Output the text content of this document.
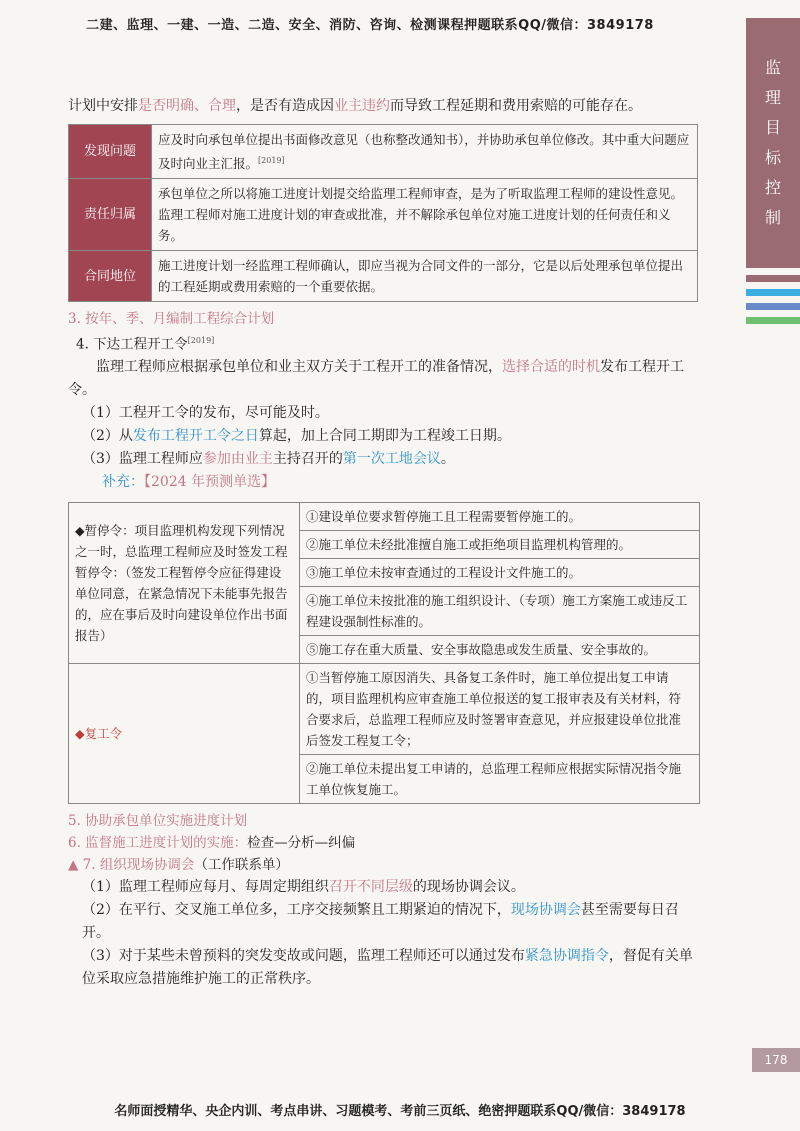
二建、监理、一建、一造、二造、安全、消防、咨询、检测课程押题联系QQ/微信：3849178
监
理
目
标
控
制

计划中安排是否明确、合理，是否有造成因业主违约而导致工程延期和费用索赔的可能存在。

发现问题	应及时向承包单位提出书面修改意见（也称整改通知书），并协助承包单位修改。其中重大问题应及时向业主汇报。[2019]
责任归属	承包单位之所以将施工进度计划提交给监理工程师审查，是为了听取监理工程师的建设性意见。监理工程师对施工进度计划的审查或批准，并不解除承包单位对施工进度计划的任何责任和义务。
合同地位	施工进度计划一经监理工程师确认，即应当视为合同文件的一部分，它是以后处理承包单位提出的工程延期或费用索赔的一个重要依据。

3. 按年、季、月编制工程综合计划

4. 下达工程开工令[2019]

监理工程师应根据承包单位和业主双方关于工程开工的准备情况，选择合适的时机发布工程开工令。

（1）工程开工令的发布，尽可能及时。

（2）从发布工程开工令之日算起，加上合同工期即为工程竣工日期。

（3）监理工程师应参加由业主主持召开的第一次工地会议。

补充：【2024 年预测单选】

◆暂停令：项目监理机构发现下列情况之一时，总监理工程师应及时签发工程暂停令：（签发工程暂停令应征得建设单位同意，在紧急情况下未能事先报告的，应在事后及时向建设单位作出书面报告）	①建设单位要求暂停施工且工程需要暂停施工的。
	②施工单位未经批准擅自施工或拒绝项目监理机构管理的。
	③施工单位未按审查通过的工程设计文件施工的。
	④施工单位未按批准的施工组织设计、（专项）施工方案施工或违反工程建设强制性标准的。
	⑤施工存在重大质量、安全事故隐患或发生质量、安全事故的。
◆复工令	①当暂停施工原因消失、具备复工条件时，施工单位提出复工申请的，项目监理机构应审查施工单位报送的复工报审表及有关材料，符合要求后，总监理工程师应及时签署审查意见，并应报建设单位批准后签发工程复工令；
	②施工单位未提出复工申请的，总监理工程师应根据实际情况指令施工单位恢复施工。

5. 协助承包单位实施进度计划

6. 监督施工进度计划的实施：检查—分析—纠偏

▲ 7. 组织现场协调会（工作联系单）

（1）监理工程师应每月、每周定期组织召开不同层级的现场协调会议。

（2）在平行、交叉施工单位多，工序交接频繁且工期紧迫的情况下，现场协调会甚至需要每日召开。

（3）对于某些未曾预料的突发变故或问题，监理工程师还可以通过发布紧急协调指令，督促有关单位采取应急措施维护施工的正常秩序。

178
名师面授精华、央企内训、考点串讲、习题模考、考前三页纸、绝密押题联系QQ/微信：3849178
